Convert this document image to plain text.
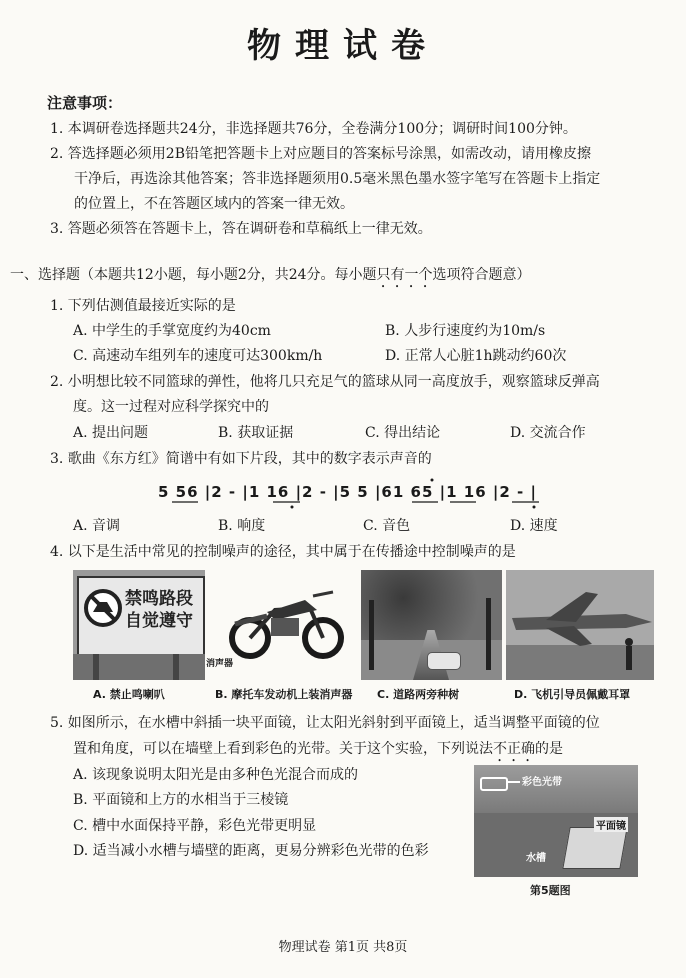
物理试卷
注意事项：
1. 本调研卷选择题共24分，非选择题共76分，全卷满分100分；调研时间100分钟。
2. 答选择题必须用2B铅笔把答题卡上对应题目的答案标号涂黑，如需改动，请用橡皮擦
干净后，再选涂其他答案；答非选择题须用0.5毫米黑色墨水签字笔写在答题卡上指定
的位置上，不在答题区域内的答案一律无效。
3. 答题必须答在答题卡上，答在调研卷和草稿纸上一律无效。
一、选择题（本题共12小题，每小题2分，共24分。每小题只有一个选项符合题意）
1. 下列估测值最接近实际的是
A. 中学生的手掌宽度约为40cm	B. 人步行速度约为10m/s
C. 高速动车组列车的速度可达300km/h	D. 正常人心脏1h跳动约60次
2. 小明想比较不同篮球的弹性，他将几只充足气的篮球从同一高度放手，观察篮球反弹高
度。这一过程对应科学探究中的
A. 提出问题	B. 获取证据	C. 得出结论	D. 交流合作
3. 歌曲《东方红》简谱中有如下片段，其中的数字表示声音的
5 56 |2 - |1 16 |2 - |5 5 |61 65 |1 16 |2 - |
A. 音调	B. 响度	C. 音色	D. 速度
4. 以下是生活中常见的控制噪声的途径，其中属于在传播途中控制噪声的是
禁鸣路段
自觉遵守
消声器
A. 禁止鸣喇叭	B. 摩托车发动机上装消声器 C. 道路两旁种树	D. 飞机引导员佩戴耳罩
5. 如图所示，在水槽中斜插一块平面镜，让太阳光斜射到平面镜上，适当调整平面镜的位
置和角度，可以在墙壁上看到彩色的光带。关于这个实验，下列说法不正确的是
A. 该现象说明太阳光是由多种色光混合而成的
B. 平面镜和上方的水相当于三棱镜
C. 槽中水面保持平静，彩色光带更明显
D. 适当减小水槽与墙壁的距离，更易分辨彩色光带的色彩
彩色光带
平面镜
水槽
第5题图
物理试卷 第1页 共8页
